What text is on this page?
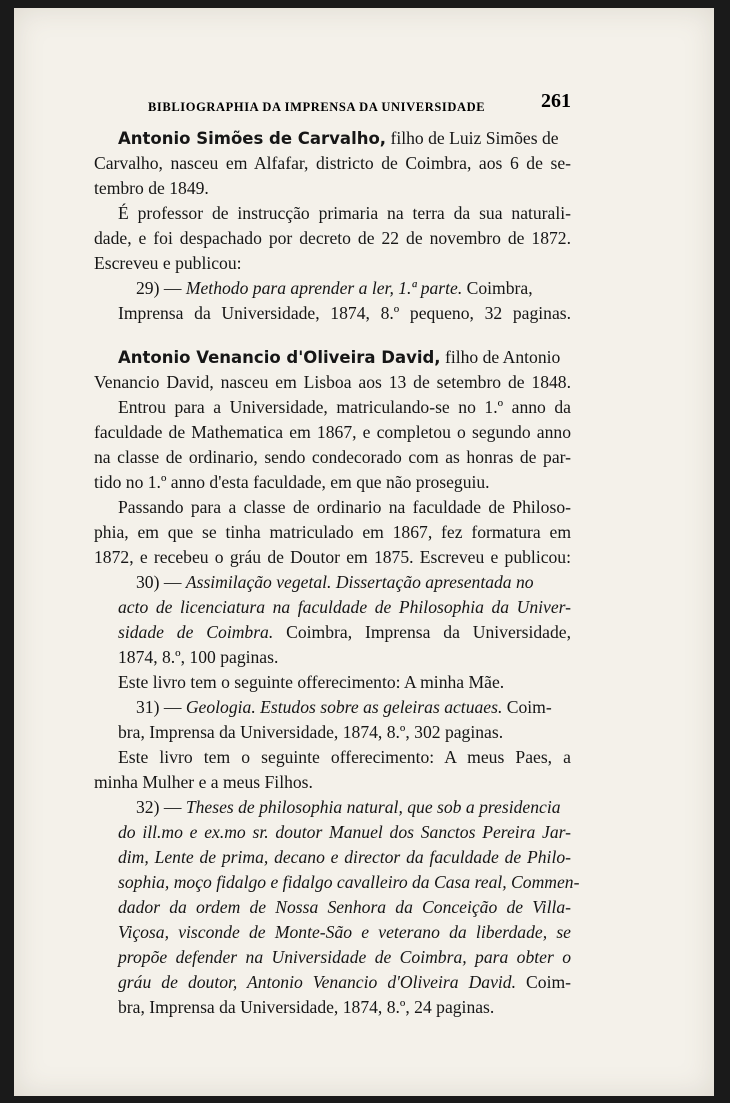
BIBLIOGRAPHIA DA IMPRENSA DA UNIVERSIDADE	261
Antonio Simões de Carvalho, filho de Luiz Simões de
Carvalho, nasceu em Alfafar, districto de Coimbra, aos 6 de se-
tembro de 1849.
É professor de instrucção primaria na terra da sua naturali-
dade, e foi despachado por decreto de 22 de novembro de 1872.
Escreveu e publicou:
29) — Methodo para aprender a ler, 1.ª parte. Coimbra,
Imprensa da Universidade, 1874, 8.º pequeno, 32 paginas.
Antonio Venancio d'Oliveira David, filho de Antonio
Venancio David, nasceu em Lisboa aos 13 de setembro de 1848.
Entrou para a Universidade, matriculando-se no 1.º anno da
faculdade de Mathematica em 1867, e completou o segundo anno
na classe de ordinario, sendo condecorado com as honras de par-
tido no 1.º anno d'esta faculdade, em que não proseguiu.
Passando para a classe de ordinario na faculdade de Philoso-
phia, em que se tinha matriculado em 1867, fez formatura em
1872, e recebeu o gráu de Doutor em 1875. Escreveu e publicou:
30) — Assimilação vegetal. Dissertação apresentada no
acto de licenciatura na faculdade de Philosophia da Univer-
sidade de Coimbra. Coimbra, Imprensa da Universidade,
1874, 8.º, 100 paginas.
Este livro tem o seguinte offerecimento: A minha Mãe.
31) — Geologia. Estudos sobre as geleiras actuaes. Coim-
bra, Imprensa da Universidade, 1874, 8.º, 302 paginas.
Este livro tem o seguinte offerecimento: A meus Paes, a
minha Mulher e a meus Filhos.
32) — Theses de philosophia natural, que sob a presidencia
do ill.mo e ex.mo sr. doutor Manuel dos Sanctos Pereira Jar-
dim, Lente de prima, decano e director da faculdade de Philo-
sophia, moço fidalgo e fidalgo cavalleiro da Casa real, Commen-
dador da ordem de Nossa Senhora da Conceição de Villa-
Viçosa, visconde de Monte-São e veterano da liberdade, se
propõe defender na Universidade de Coimbra, para obter o
gráu de doutor, Antonio Venancio d'Oliveira David. Coim-
bra, Imprensa da Universidade, 1874, 8.º, 24 paginas.
